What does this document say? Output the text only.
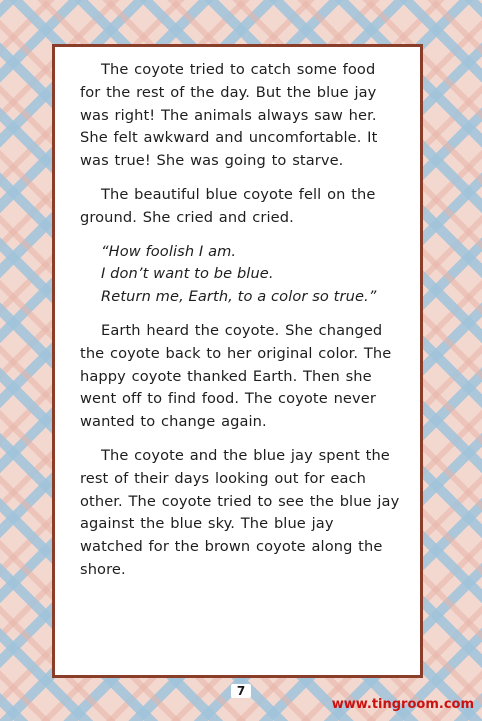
The coyote tried to catch some food for the rest of the day. But the blue jay was right! The animals always saw her. She felt awkward and uncomfortable. It was true! She was going to starve.

The beautiful blue coyote fell on the ground. She cried and cried.

“How foolish I am.
I don’t want to be blue.
Return me, Earth, to a color so true.”

Earth heard the coyote. She changed the coyote back to her original color. The happy coyote thanked Earth. Then she went off to find food. The coyote never wanted to change again.

The coyote and the blue jay spent the rest of their days looking out for each other. The coyote tried to see the blue jay against the blue sky. The blue jay watched for the brown coyote along the shore.

7
www.tingroom.com
